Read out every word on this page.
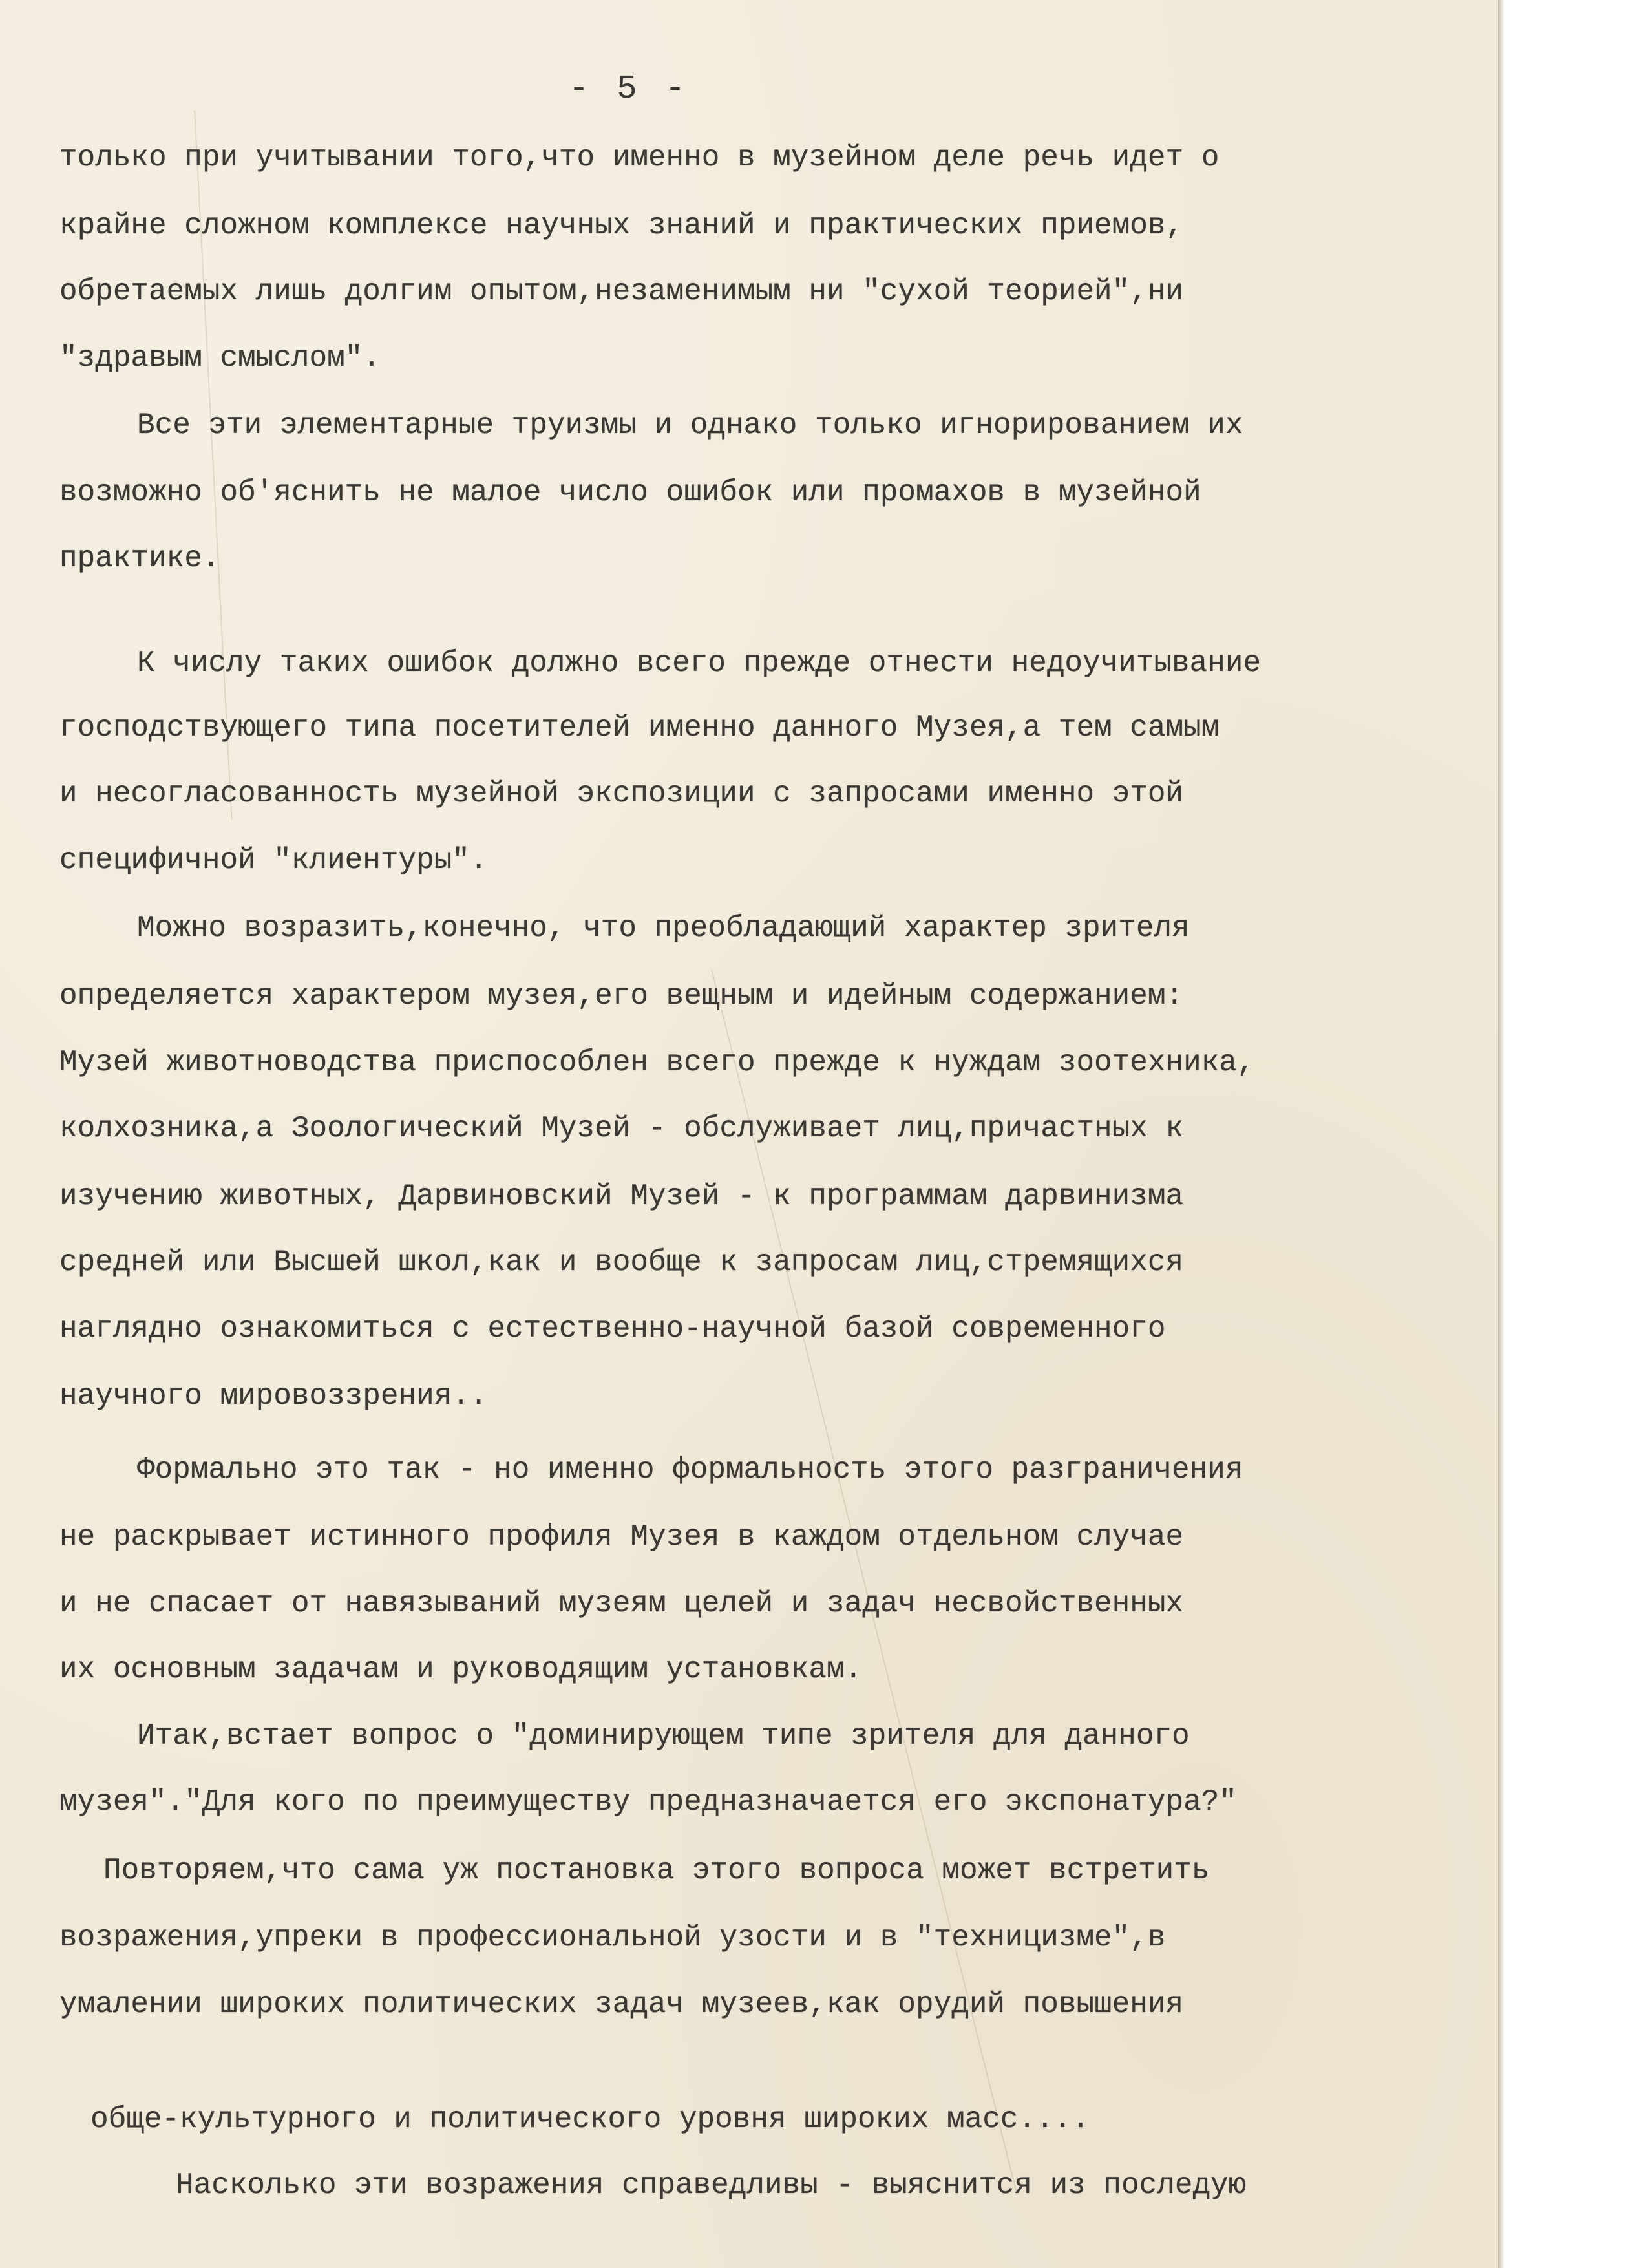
- 5 -
только при учитывании того,что именно в музейном деле речь идет о
крайне сложном комплексе научных знаний и практических приемов,
обретаемых лишь долгим опытом,незаменимым ни "сухой теорией",ни
"здравым смыслом".
Все эти элементарные труизмы и однако только игнорированием их
возможно об'яснить не малое число ошибок или промахов в музейной
практике.
К числу таких ошибок должно всего прежде отнести недоучитывание
господствующего типа посетителей именно данного Музея,а тем самым
и несогласованность музейной экспозиции с запросами именно этой
специфичной "клиентуры".
Можно возразить,конечно, что преобладающий характер зрителя
определяется характером музея,его вещным и идейным содержанием:
Музей животноводства приспособлен всего прежде к нуждам зоотехника,
колхозника,а Зоологический Музей - обслуживает лиц,причастных к
изучению животных, Дарвиновский Музей - к программам дарвинизма
средней или Высшей школ,как и вообще к запросам лиц,стремящихся
наглядно ознакомиться с естественно-научной базой современного
научного мировоззрения..
Формально это так - но именно формальность этого разграничения
не раскрывает истинного профиля Музея в каждом отдельном случае
и не спасает от навязываний музеям целей и задач несвойственных
их основным задачам и руководящим установкам.
Итак,встает вопрос о "доминирующем типе зрителя для данного
музея"."Для кого по преимуществу предназначается его экспонатура?"
Повторяем,что сама уж постановка этого вопроса может встретить
возражения,упреки в профессиональной узости и в "техницизме",в
умалении широких политических задач музеев,как орудий повышения
обще-культурного и политического уровня широких масс....
Насколько эти возражения справедливы - выяснится из последую
